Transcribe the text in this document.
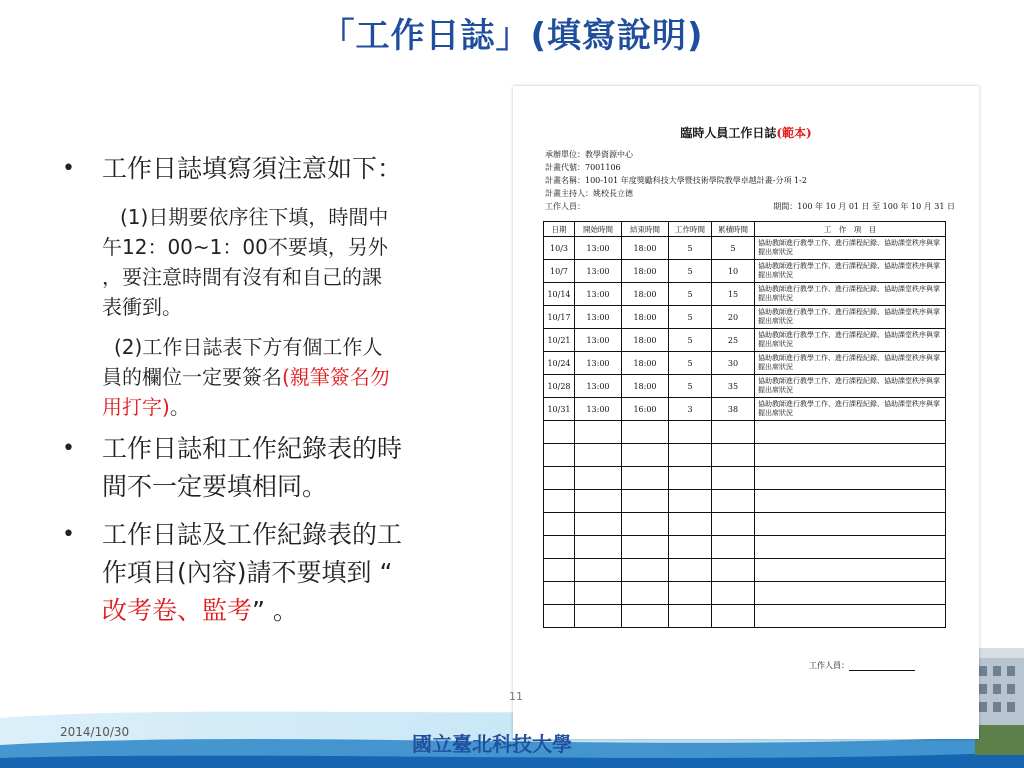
「工作日誌」(填寫說明)
• 工作日誌填寫須注意如下：
(1)日期要依序往下填，時間中
午12：00~1：00不要填，另外
，要注意時間有沒有和自己的課
表衝到。
(2)工作日誌表下方有個工作人
員的欄位一定要簽名(親筆簽名勿
用打字)。
• 工作日誌和工作紀錄表的時
間不一定要填相同。
• 工作日誌及工作紀錄表的工
作項目(內容)請不要填到 “
改考卷、監考” 。
臨時人員工作日誌(範本)
承辦單位：教學資源中心
計畫代號：7001106
計畫名稱：100-101 年度獎勵科技大學暨技術學院教學卓越計畫-分項 1-2
計畫主持人：姚校長立德
工作人員：	期間：100 年 10 月 01 日 至 100 年 10 月 31 日
日期	開始時間	結束時間	工作時間	累積時間	工　作　項　目
10/3	13:00	18:00	5	5	協助教師進行教學工作、進行課程紀錄、協助課堂秩序與掌握出席狀況
10/7	13:00	18:00	5	10	協助教師進行教學工作、進行課程紀錄、協助課堂秩序與掌握出席狀況
10/14	13:00	18:00	5	15	協助教師進行教學工作、進行課程紀錄、協助課堂秩序與掌握出席狀況
10/17	13:00	18:00	5	20	協助教師進行教學工作、進行課程紀錄、協助課堂秩序與掌握出席狀況
10/21	13:00	18:00	5	25	協助教師進行教學工作、進行課程紀錄、協助課堂秩序與掌握出席狀況
10/24	13:00	18:00	5	30	協助教師進行教學工作、進行課程紀錄、協助課堂秩序與掌握出席狀況
10/28	13:00	18:00	5	35	協助教師進行教學工作、進行課程紀錄、協助課堂秩序與掌握出席狀況
10/31	13:00	16:00	3	38	協助教師進行教學工作、進行課程紀錄、協助課堂秩序與掌握出席狀況

工作人員：
11
2014/10/30	國立臺北科技大學
